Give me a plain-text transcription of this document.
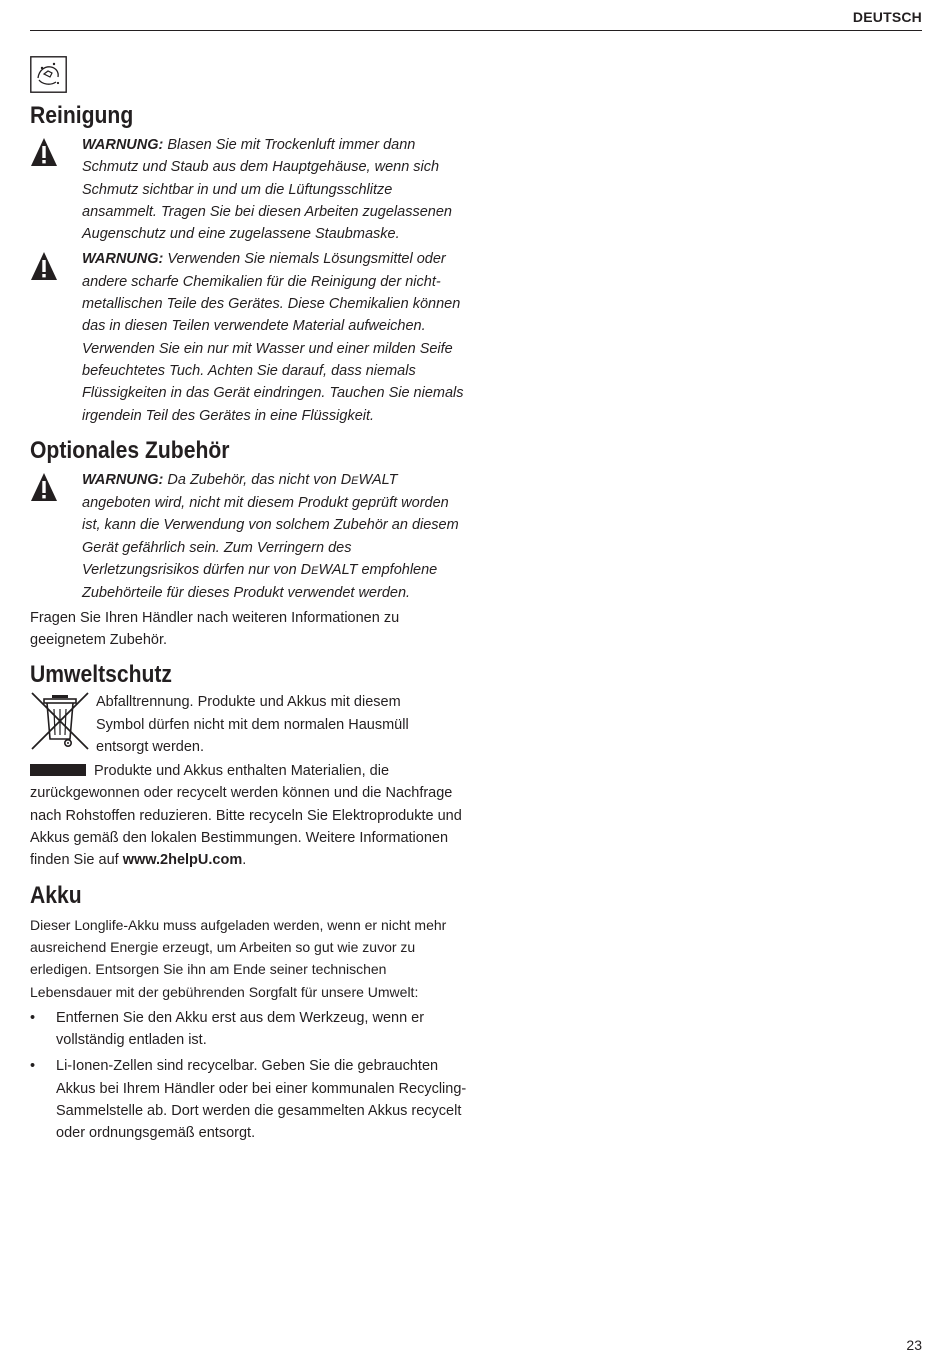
DEUTSCH
Reinigung
WARNUNG: Blasen Sie mit Trockenluft immer dann Schmutz und Staub aus dem Hauptgehäuse, wenn sich Schmutz sichtbar in und um die Lüftungsschlitze ansammelt. Tragen Sie bei diesen Arbeiten zugelassenen Augenschutz und eine zugelassene Staubmaske.
WARNUNG: Verwenden Sie niemals Lösungsmittel oder andere scharfe Chemikalien für die Reinigung der nicht-metallischen Teile des Gerätes. Diese Chemikalien können das in diesen Teilen verwendete Material aufweichen. Verwenden Sie ein nur mit Wasser und einer milden Seife befeuchtetes Tuch. Achten Sie darauf, dass niemals Flüssigkeiten in das Gerät eindringen. Tauchen Sie niemals irgendein Teil des Gerätes in eine Flüssigkeit.
Optionales Zubehör
WARNUNG: Da Zubehör, das nicht von DEWALT angeboten wird, nicht mit diesem Produkt geprüft worden ist, kann die Verwendung von solchem Zubehör an diesem Gerät gefährlich sein. Zum Verringern des Verletzungsrisikos dürfen nur von DEWALT empfohlene Zubehörteile für dieses Produkt verwendet werden.
Fragen Sie Ihren Händler nach weiteren Informationen zu geeignetem Zubehör.
Umweltschutz
Abfalltrennung. Produkte und Akkus mit diesem Symbol dürfen nicht mit dem normalen Hausmüll entsorgt werden.
Produkte und Akkus enthalten Materialien, die zurückgewonnen oder recycelt werden können und die Nachfrage nach Rohstoffen reduzieren. Bitte recyceln Sie Elektroprodukte und Akkus gemäß den lokalen Bestimmungen. Weitere Informationen finden Sie auf www.2helpU.com.
Akku
Dieser Longlife-Akku muss aufgeladen werden, wenn er nicht mehr ausreichend Energie erzeugt, um Arbeiten so gut wie zuvor zu erledigen. Entsorgen Sie ihn am Ende seiner technischen Lebensdauer mit der gebührenden Sorgfalt für unsere Umwelt:
• Entfernen Sie den Akku erst aus dem Werkzeug, wenn er vollständig entladen ist.
• Li-Ionen-Zellen sind recycelbar. Geben Sie die gebrauchten Akkus bei Ihrem Händler oder bei einer kommunalen Recycling-Sammelstelle ab. Dort werden die gesammelten Akkus recycelt oder ordnungsgemäß entsorgt.
23
